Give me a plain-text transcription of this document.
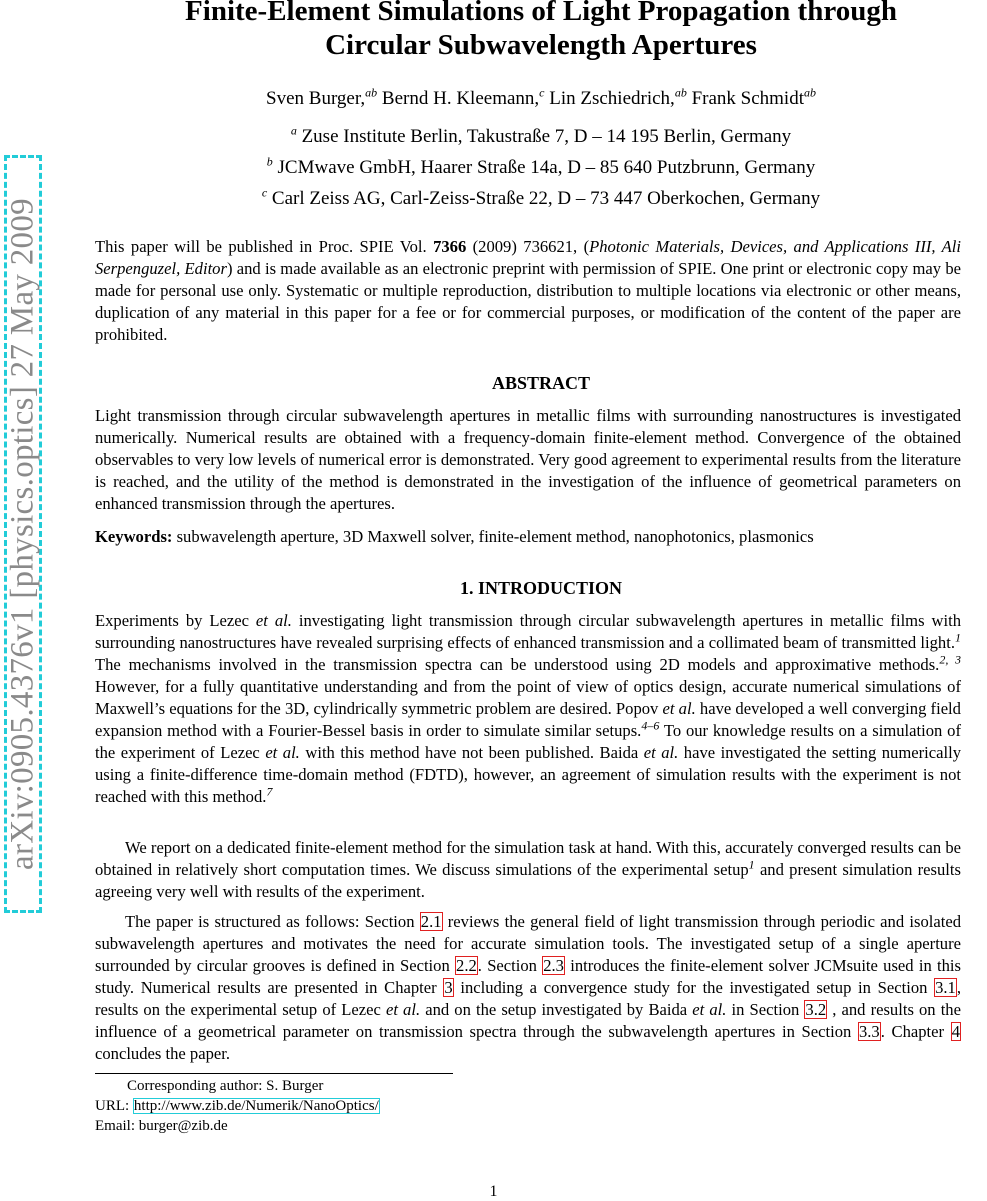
arXiv:0905.4376v1 [physics.optics] 27 May 2009
Finite-Element Simulations of Light Propagation through
Circular Subwavelength Apertures
Sven Burger,$^{ab}$ Bernd H. Kleemann,$^c$ Lin Zschiedrich,$^{ab}$ Frank Schmidt$^{ab}$
$^a$ Zuse Institute Berlin, Takustraße 7, D – 14 195 Berlin, Germany
$^b$ JCMwave GmbH, Haarer Straße 14a, D – 85 640 Putzbrunn, Germany
$^c$ Carl Zeiss AG, Carl-Zeiss-Straße 22, D – 73 447 Oberkochen, Germany
This paper will be published in Proc. SPIE Vol. 7366 (2009) 736621, (Photonic Materials, Devices, and Applications III, Ali Serpenguzel, Editor) and is made available as an electronic preprint with permission of SPIE. One print or electronic copy may be made for personal use only. Systematic or multiple reproduction, distribution to multiple locations via electronic or other means, duplication of any material in this paper for a fee or for commercial purposes, or modification of the content of the paper are prohibited.
ABSTRACT
Light transmission through circular subwavelength apertures in metallic films with surrounding nanostructures is investigated numerically. Numerical results are obtained with a frequency-domain finite-element method. Convergence of the obtained observables to very low levels of numerical error is demonstrated. Very good agreement to experimental results from the literature is reached, and the utility of the method is demonstrated in the investigation of the influence of geometrical parameters on enhanced transmission through the apertures.
Keywords: subwavelength aperture, 3D Maxwell solver, finite-element method, nanophotonics, plasmonics
1. INTRODUCTION
Experiments by Lezec et al. investigating light transmission through circular subwavelength apertures in metallic films with surrounding nanostructures have revealed surprising effects of enhanced transmission and a collimated beam of transmitted light.$^1$ The mechanisms involved in the transmission spectra can be understood using 2D models and approximative methods.$^{2, 3}$ However, for a fully quantitative understanding and from the point of view of optics design, accurate numerical simulations of Maxwell’s equations for the 3D, cylindrically symmetric problem are desired. Popov et al. have developed a well converging field expansion method with a Fourier-Bessel basis in order to simulate similar setups.$^{4-6}$ To our knowledge results on a simulation of the experiment of Lezec et al. with this method have not been published. Baida et al. have investigated the setting numerically using a finite-difference time-domain method (FDTD), however, an agreement of simulation results with the experiment is not reached with this method.$^7$
We report on a dedicated finite-element method for the simulation task at hand. With this, accurately converged results can be obtained in relatively short computation times. We discuss simulations of the experimental setup$^1$ and present simulation results agreeing very well with results of the experiment.
The paper is structured as follows: Section 2.1 reviews the general field of light transmission through periodic and isolated subwavelength apertures and motivates the need for accurate simulation tools. The investigated setup of a single aperture surrounded by circular grooves is defined in Section 2.2. Section 2.3 introduces the finite-element solver JCMsuite used in this study. Numerical results are presented in Chapter 3 including a convergence study for the investigated setup in Section 3.1, results on the experimental setup of Lezec et al. and on the setup investigated by Baida et al. in Section 3.2 , and results on the influence of a geometrical parameter on transmission spectra through the subwavelength apertures in Section 3.3. Chapter 4 concludes the paper.
Corresponding author: S. Burger
URL: http://www.zib.de/Numerik/NanoOptics/
Email: burger@zib.de
1
